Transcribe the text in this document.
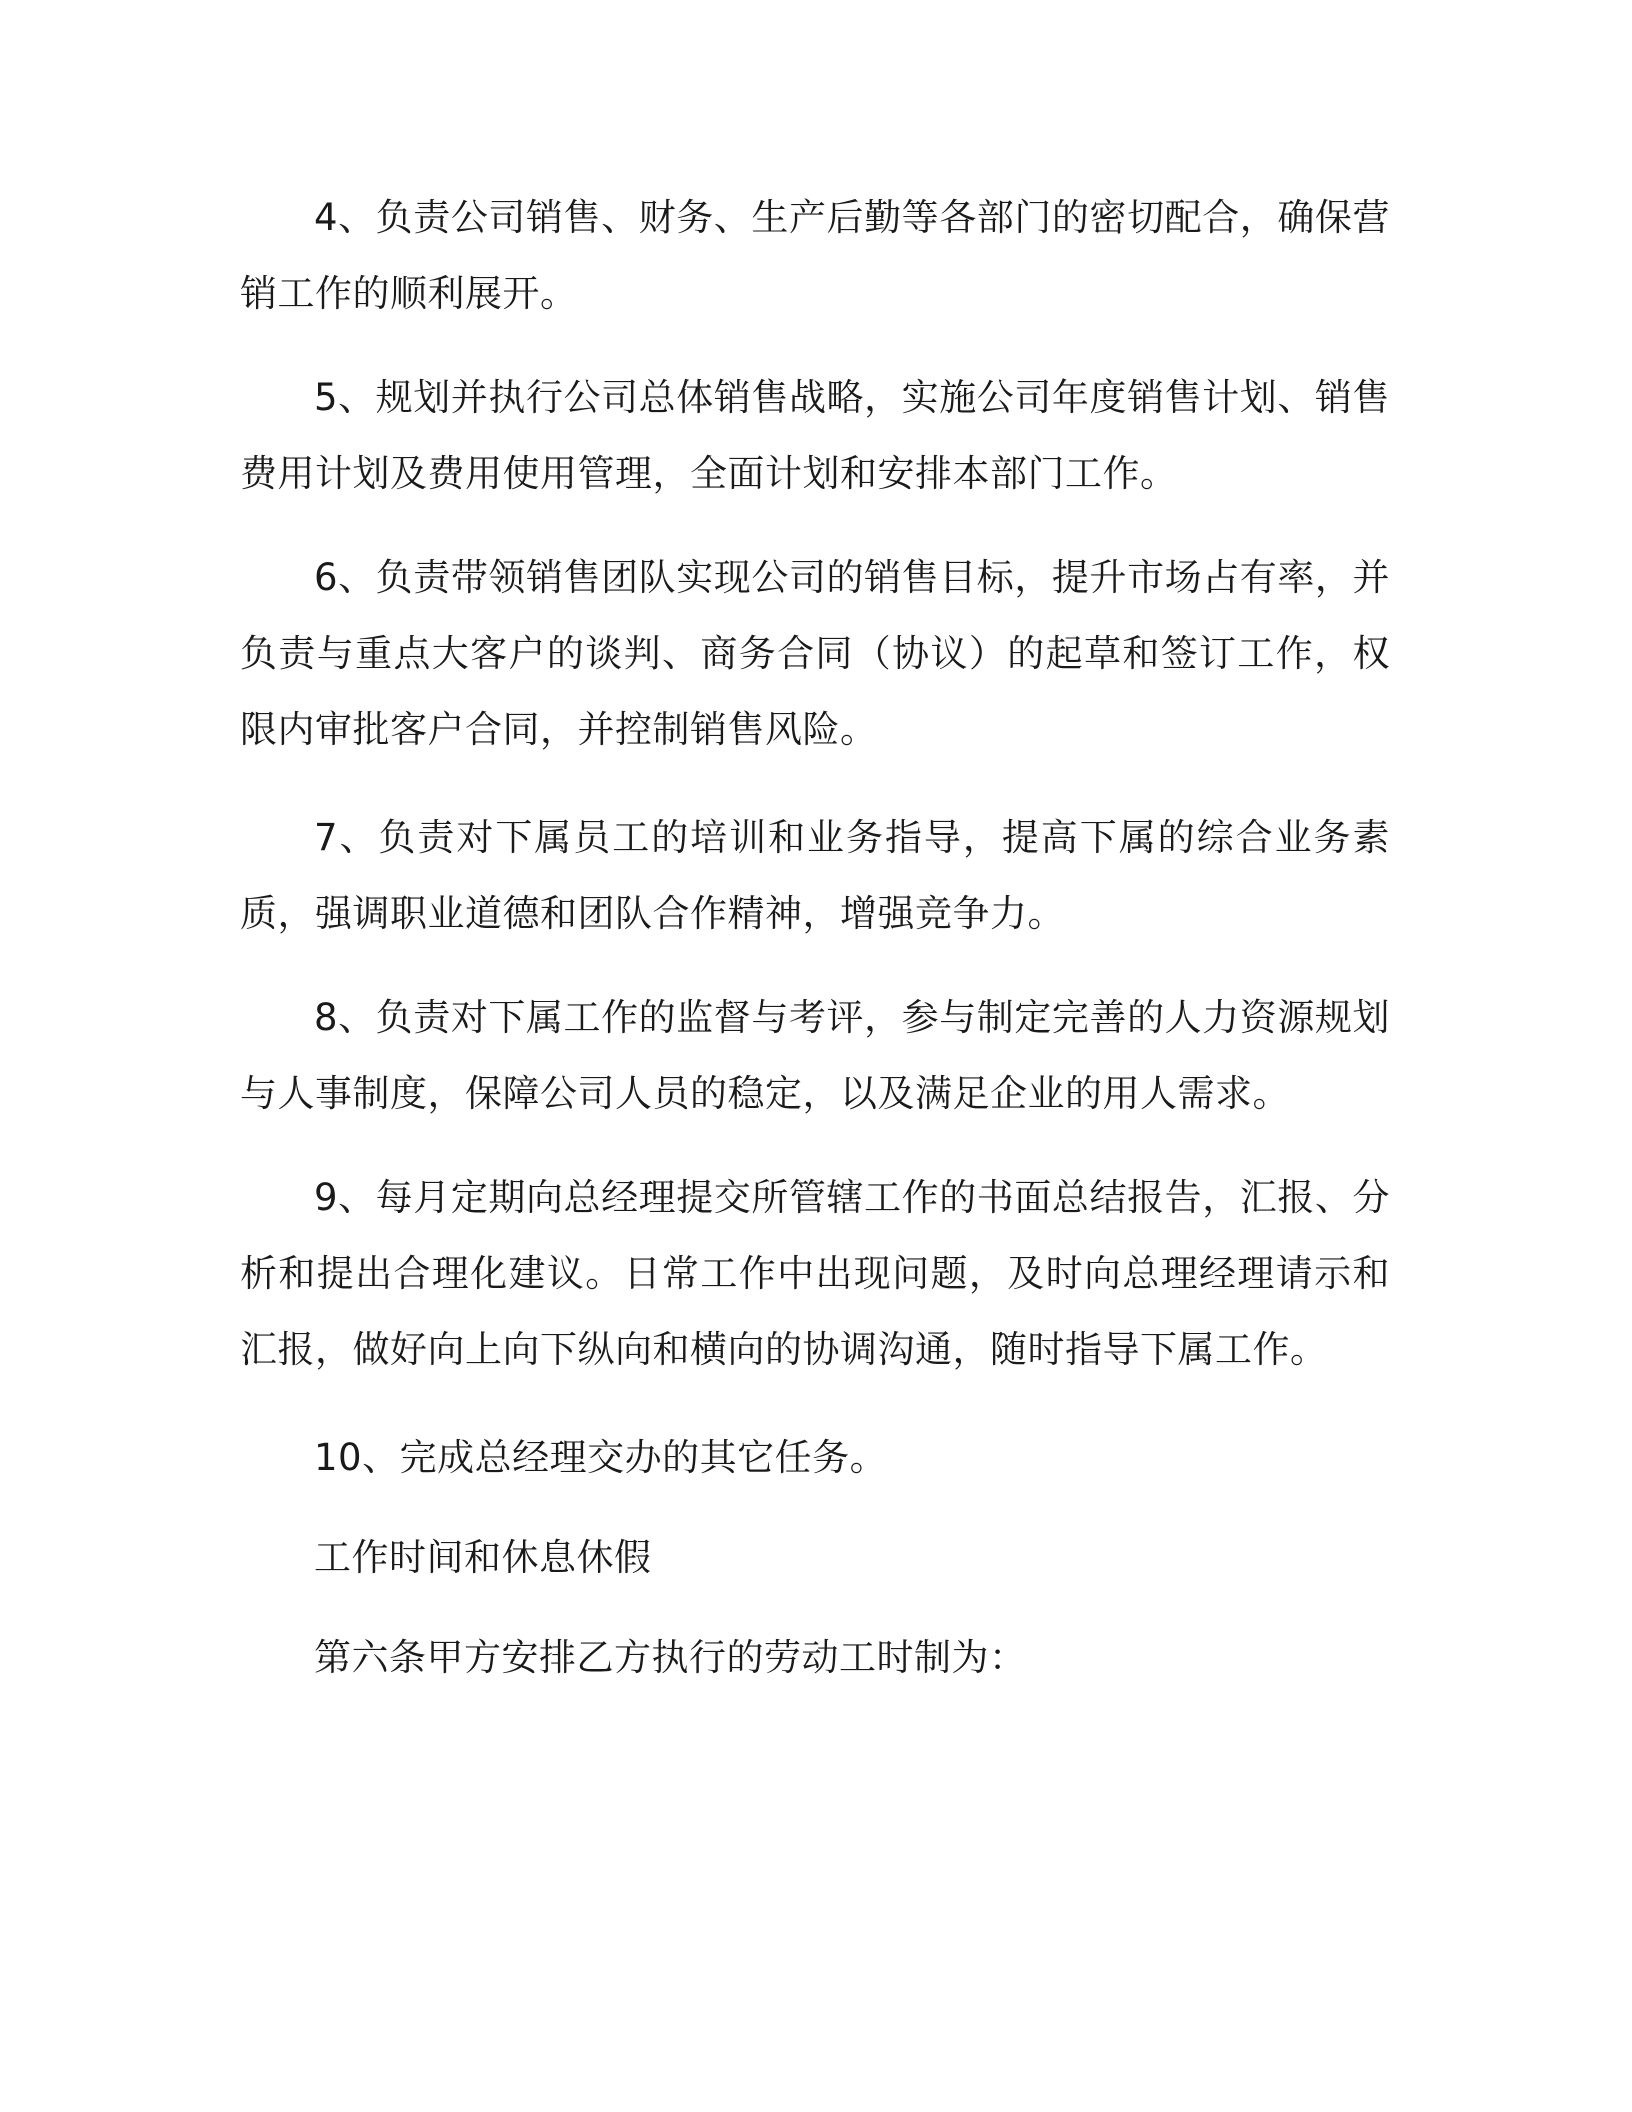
4、负责公司销售、财务、生产后勤等各部门的密切配合，确保营销工作的顺利展开。

5、规划并执行公司总体销售战略，实施公司年度销售计划、销售费用计划及费用使用管理，全面计划和安排本部门工作。

6、负责带领销售团队实现公司的销售目标，提升市场占有率，并负责与重点大客户的谈判、商务合同（协议）的起草和签订工作，权限内审批客户合同，并控制销售风险。

7、负责对下属员工的培训和业务指导，提高下属的综合业务素质，强调职业道德和团队合作精神，增强竞争力。

8、负责对下属工作的监督与考评，参与制定完善的人力资源规划与人事制度，保障公司人员的稳定，以及满足企业的用人需求。

9、每月定期向总经理提交所管辖工作的书面总结报告，汇报、分析和提出合理化建议。日常工作中出现问题，及时向总理经理请示和汇报，做好向上向下纵向和横向的协调沟通，随时指导下属工作。

10、完成总经理交办的其它任务。

工作时间和休息休假

第六条甲方安排乙方执行的劳动工时制为：
